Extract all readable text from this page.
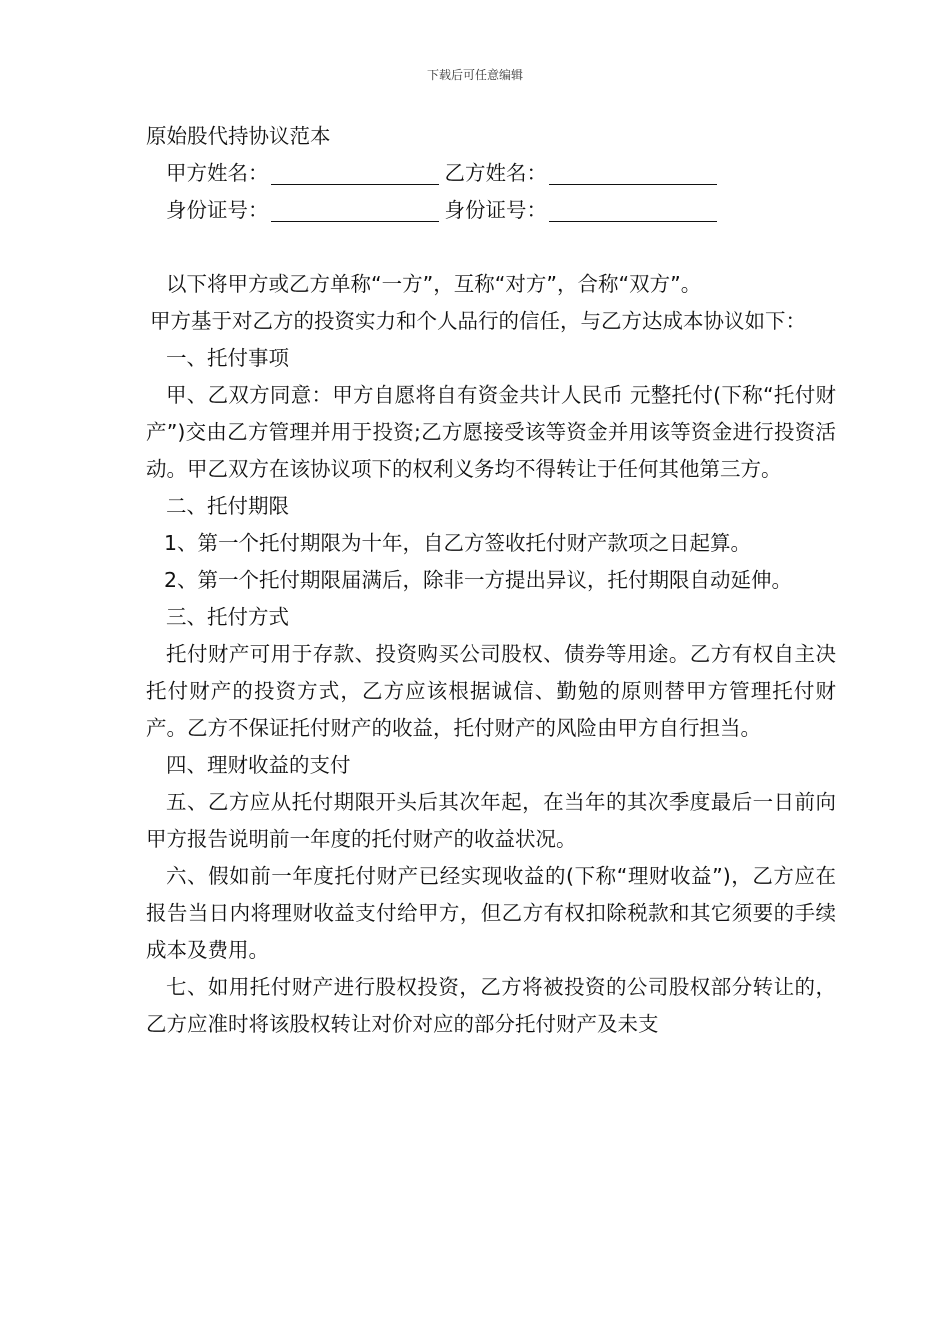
下载后可任意编辑
原始股代持协议范本
甲方姓名：	乙方姓名：
身份证号：	身份证号：

以下将甲方或乙方单称“一方”，互称“对方”，合称“双方”。

甲方基于对乙方的投资实力和个人品行的信任，与乙方达成本协议如下：

一、托付事项

甲、乙双方同意：甲方自愿将自有资金共计人民币 元整托付(下称“托付财产”)交由乙方管理并用于投资;乙方愿接受该等资金并用该等资金进行投资活动。甲乙双方在该协议项下的权利义务均不得转让于任何其他第三方。

二、托付期限

1、第一个托付期限为十年，自乙方签收托付财产款项之日起算。

2、第一个托付期限届满后，除非一方提出异议，托付期限自动延伸。

三、托付方式

托付财产可用于存款、投资购买公司股权、债券等用途。乙方有权自主决托付财产的投资方式，乙方应该根据诚信、勤勉的原则替甲方管理托付财产。乙方不保证托付财产的收益，托付财产的风险由甲方自行担当。

四、理财收益的支付

五、乙方应从托付期限开头后其次年起，在当年的其次季度最后一日前向甲方报告说明前一年度的托付财产的收益状况。

六、假如前一年度托付财产已经实现收益的(下称“理财收益”)，乙方应在报告当日内将理财收益支付给甲方，但乙方有权扣除税款和其它须要的手续成本及费用。

七、如用托付财产进行股权投资，乙方将被投资的公司股权部分转让的，乙方应准时将该股权转让对价对应的部分托付财产及未支
